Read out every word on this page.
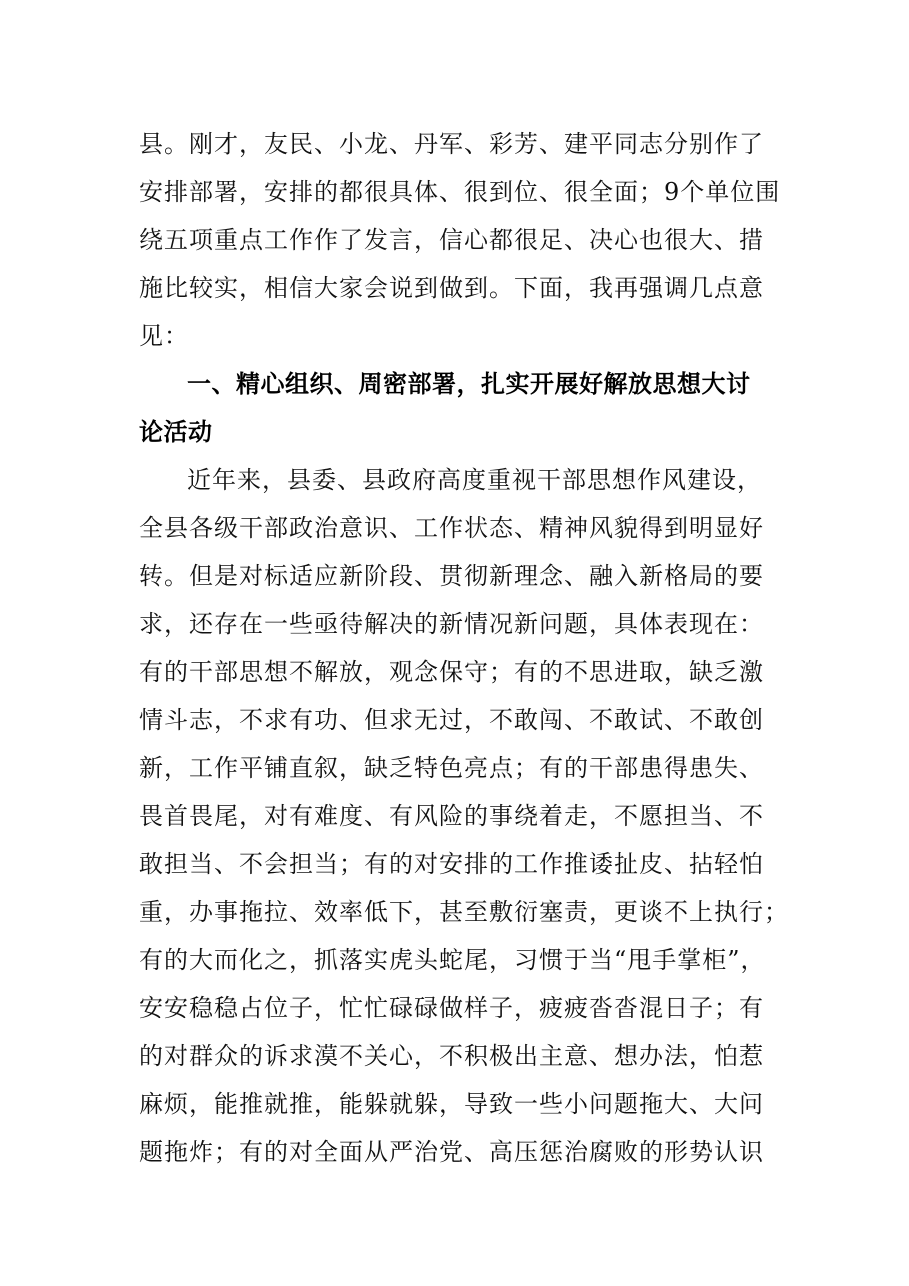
县。刚才，友民、小龙、丹军、彩芳、建平同志分别作了
安排部署，安排的都很具体、很到位、很全面；9个单位围
绕五项重点工作作了发言，信心都很足、决心也很大、措
施比较实，相信大家会说到做到。下面，我再强调几点意
见：
一、精心组织、周密部署，扎实开展好解放思想大讨
论活动
近年来，县委、县政府高度重视干部思想作风建设，
全县各级干部政治意识、工作状态、精神风貌得到明显好
转。但是对标适应新阶段、贯彻新理念、融入新格局的要
求，还存在一些亟待解决的新情况新问题，具体表现在：
有的干部思想不解放，观念保守；有的不思进取，缺乏激
情斗志，不求有功、但求无过，不敢闯、不敢试、不敢创
新，工作平铺直叙，缺乏特色亮点；有的干部患得患失、
畏首畏尾，对有难度、有风险的事绕着走，不愿担当、不
敢担当、不会担当；有的对安排的工作推诿扯皮、拈轻怕
重，办事拖拉、效率低下，甚至敷衍塞责，更谈不上执行；
有的大而化之，抓落实虎头蛇尾，习惯于当“甩手掌柜”，
安安稳稳占位子，忙忙碌碌做样子，疲疲沓沓混日子；有
的对群众的诉求漠不关心，不积极出主意、想办法，怕惹
麻烦，能推就推，能躲就躲，导致一些小问题拖大、大问
题拖炸；有的对全面从严治党、高压惩治腐败的形势认识
